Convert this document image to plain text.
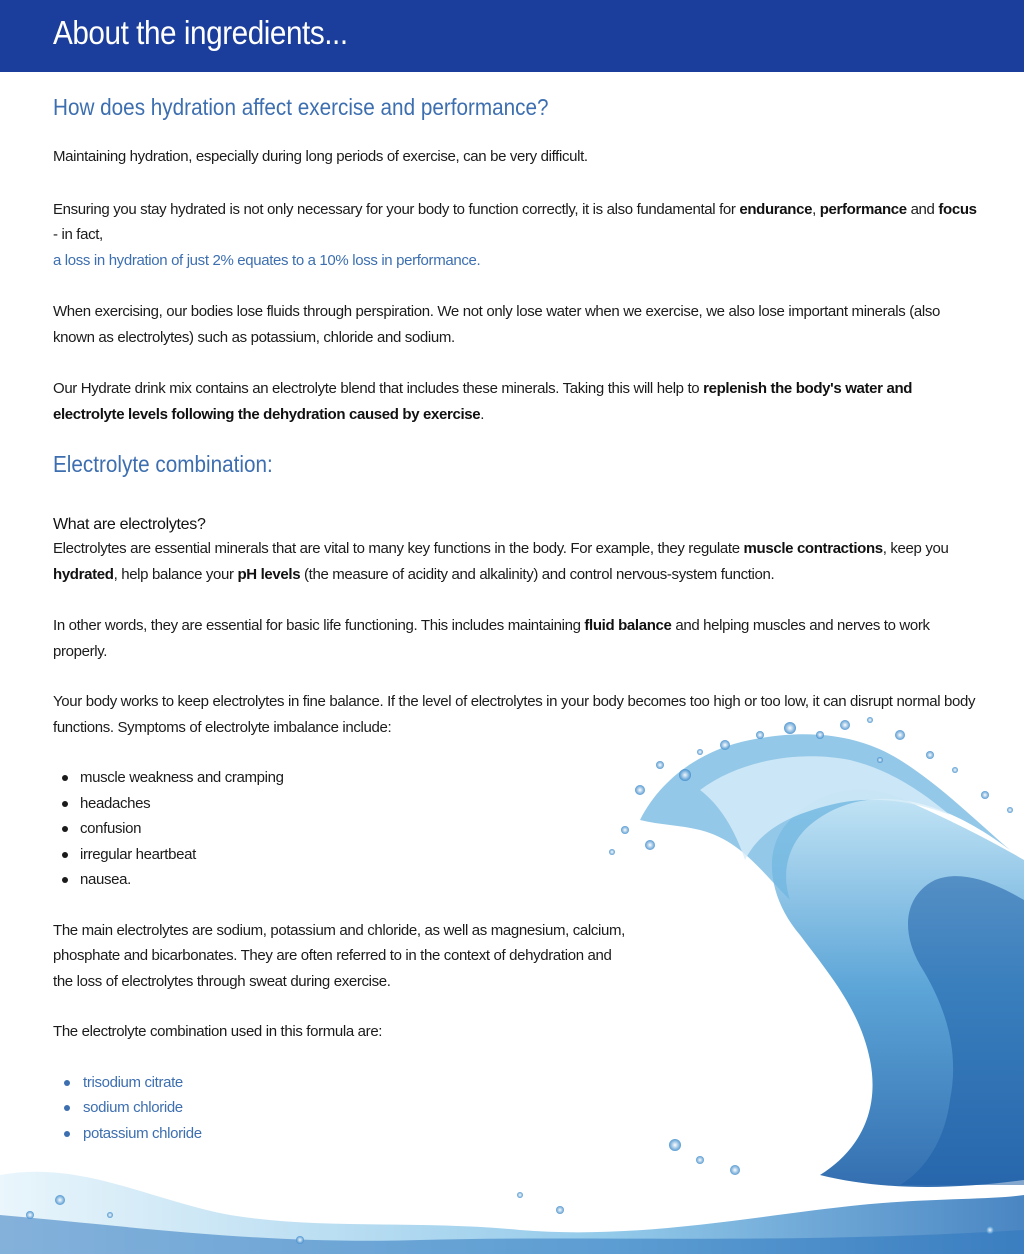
About the ingredients...
How does hydration affect exercise and performance?

Maintaining hydration, especially during long periods of exercise, can be very difficult.

Ensuring you stay hydrated is not only necessary for your body to function correctly, it is also fundamental for endurance, performance and focus - in fact,
a loss in hydration of just 2% equates to a 10% loss in performance.

When exercising, our bodies lose fluids through perspiration. We not only lose water when we exercise, we also lose important minerals (also known as electrolytes) such as potassium, chloride and sodium.

Our Hydrate drink mix contains an electrolyte blend that includes these minerals. Taking this will help to replenish the body's water and electrolyte levels following the dehydration caused by exercise.

Electrolyte combination:
What are electrolytes?

Electrolytes are essential minerals that are vital to many key functions in the body. For example, they regulate muscle contractions, keep you hydrated, help balance your pH levels (the measure of acidity and alkalinity) and control nervous-system function.

In other words, they are essential for basic life functioning. This includes maintaining fluid balance and helping muscles and nerves to work properly.

Your body works to keep electrolytes in fine balance. If the level of electrolytes in your body becomes too high or too low, it can disrupt normal body functions. Symptoms of electrolyte imbalance include:

muscle weakness and cramping
headaches
confusion
irregular heartbeat
nausea.

The main electrolytes are sodium, potassium and chloride, as well as magnesium, calcium,
phosphate and bicarbonates. They are often referred to in the context of dehydration and
the loss of electrolytes through sweat during exercise.

The electrolyte combination used in this formula are:

trisodium citrate
sodium chloride
potassium chloride
